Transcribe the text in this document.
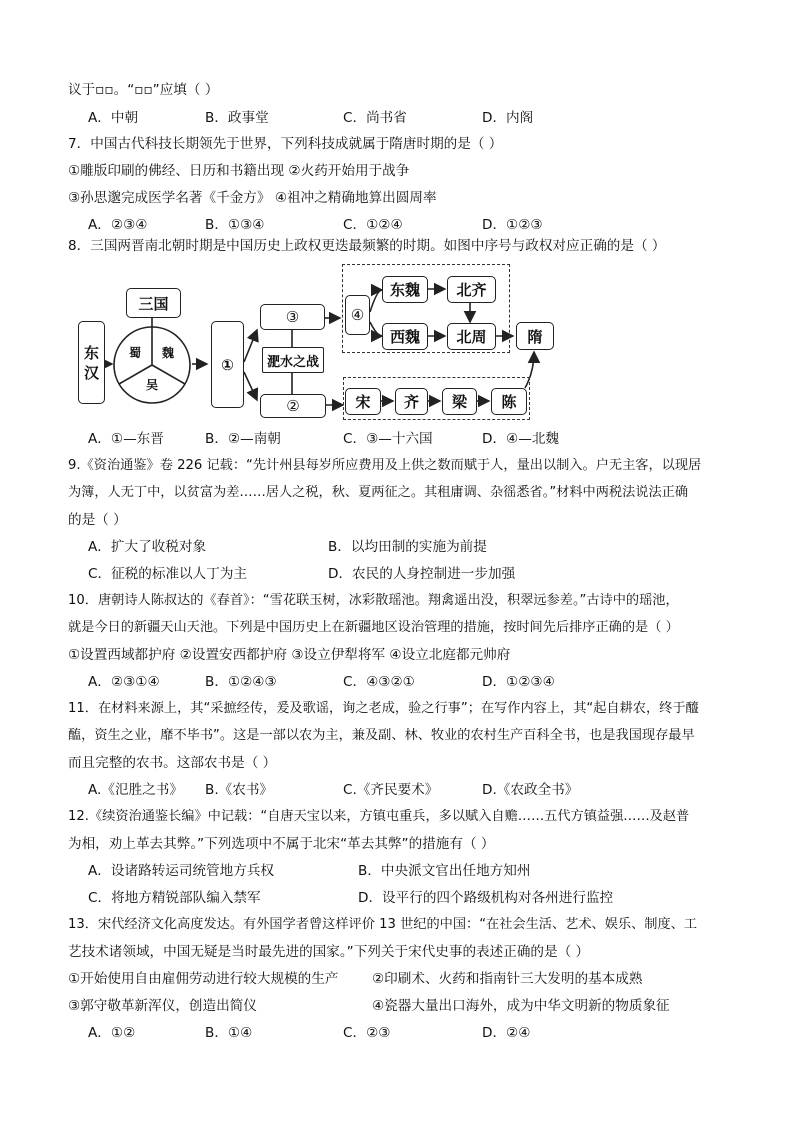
议于▫▫。“▫▫”应填（ ）
A．中朝	B．政事堂	C．尚书省	D．内阁
7．中国古代科技长期领先于世界，下列科技成就属于隋唐时期的是（ ）
①雕版印刷的佛经、日历和书籍出现 ②火药开始用于战争
③孙思邈完成医学名著《千金方》 ④祖冲之精确地算出圆周率
A．②③④	B．①③④	C．①②④	D．①②③
8．三国两晋南北朝时期是中国历史上政权更迭最频繁的时期。如图中序号与政权对应正确的是（ ）
东汉
三国
蜀 魏
吴
①
③
淝水之战
②
④
东魏	北齐
西魏	北周	隋
宋	齐	梁	陈
A．①—东晋	B．②—南朝	C．③—十六国	D．④—北魏
9.《资治通鉴》卷 226 记载：“先计州县每岁所应费用及上供之数而赋于人，量出以制入。户无主客，以现居
为簿，人无丁中，以贫富为差……居人之税，秋、夏两征之。其租庸调、杂徭悉省。”材料中两税法说法正确
的是（ ）
A．扩大了收税对象	B．以均田制的实施为前提
C．征税的标准以人丁为主	D．农民的人身控制进一步加强
10．唐朝诗人陈叔达的《春首》：“雪花联玉树，冰彩散瑶池。翔禽遥出没，积翠远参差。”古诗中的瑶池，
就是今日的新疆天山天池。下列是中国历史上在新疆地区设治管理的措施，按时间先后排序正确的是（ ）
①设置西域都护府 ②设置安西都护府 ③设立伊犁将军 ④设立北庭都元帅府
A．②③①④	B．①②④③	C．④③②①	D．①②③④
11．在材料来源上，其“采摭经传，爰及歌谣，询之老成，验之行事”；在写作内容上，其“起自耕农，终于醯
醢，资生之业，靡不毕书”。这是一部以农为主，兼及副、林、牧业的农村生产百科全书，也是我国现存最早
而且完整的农书。这部农书是（ ）
A.《氾胜之书》 B.《农书》	C.《齐民要术》	D.《农政全书》
12.《续资治通鉴长编》中记载：“自唐天宝以来，方镇屯重兵，多以赋入自赡……五代方镇益强……及赵普
为相，劝上革去其弊。”下列选项中不属于北宋“革去其弊”的措施有（ ）
A．设诸路转运司统管地方兵权	B．中央派文官出任地方知州
C．将地方精锐部队编入禁军	D．设平行的四个路级机构对各州进行监控
13．宋代经济文化高度发达。有外国学者曾这样评价 13 世纪的中国：“在社会生活、艺术、娱乐、制度、工
艺技术诸领域，中国无疑是当时最先进的国家。”下列关于宋代史事的表述正确的是（ ）
①开始使用自由雇佣劳动进行较大规模的生产 ②印刷术、火药和指南针三大发明的基本成熟
③郭守敬革新浑仪，创造出简仪	④瓷器大量出口海外，成为中华文明新的物质象征
A．①②	B．①④	C．②③	D．②④
